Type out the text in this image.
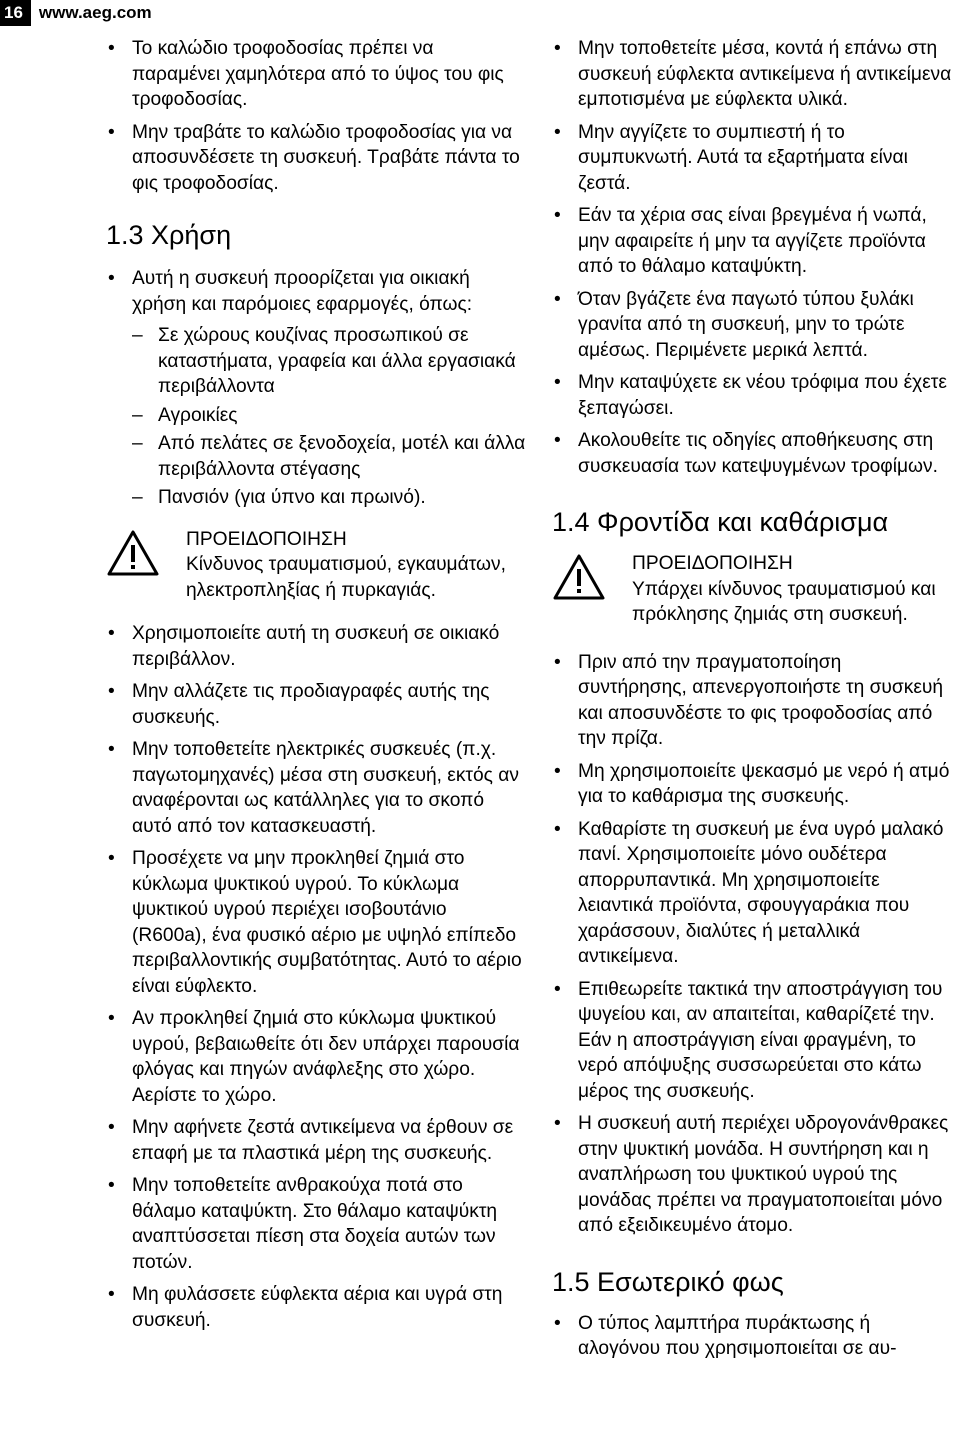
16 www.aeg.com
• Το καλώδιο τροφοδοσίας πρέπει να παραμένει χαμηλότερα από το ύψος του φις τροφοδοσίας.
• Μην τραβάτε το καλώδιο τροφοδοσίας για να αποσυνδέσετε τη συσκευή. Τραβάτε πάντα το φις τροφοδοσίας.
1.3 Χρήση
• Αυτή η συσκευή προορίζεται για οικιακή χρήση και παρόμοιες εφαρμογές, όπως:
– Σε χώρους κουζίνας προσωπικού σε καταστήματα, γραφεία και άλλα εργασιακά περιβάλλοντα
– Αγροικίες
– Από πελάτες σε ξενοδοχεία, μοτέλ και άλλα περιβάλλοντα στέγασης
– Πανσιόν (για ύπνο και πρωινό).
ΠΡΟΕΙΔΟΠΟΙΗΣΗ
Κίνδυνος τραυματισμού, εγκαυμάτων, ηλεκτροπληξίας ή πυρκαγιάς.
• Χρησιμοποιείτε αυτή τη συσκευή σε οικιακό περιβάλλον.
• Μην αλλάζετε τις προδιαγραφές αυτής της συσκευής.
• Μην τοποθετείτε ηλεκτρικές συσκευές (π.χ. παγωτομηχανές) μέσα στη συσκευή, εκτός αν αναφέρονται ως κατάλληλες για το σκοπό αυτό από τον κατασκευαστή.
• Προσέχετε να μην προκληθεί ζημιά στο κύκλωμα ψυκτικού υγρού. Το κύκλωμα ψυκτικού υγρού περιέχει ισοβουτάνιο (R600a), ένα φυσικό αέριο με υψηλό επίπεδο περιβαλλοντικής συμβατότητας. Αυτό το αέριο είναι εύφλεκτο.
• Αν προκληθεί ζημιά στο κύκλωμα ψυκτικού υγρού, βεβαιωθείτε ότι δεν υπάρχει παρουσία φλόγας και πηγών ανάφλεξης στο χώρο. Αερίστε το χώρο.
• Μην αφήνετε ζεστά αντικείμενα να έρθουν σε επαφή με τα πλαστικά μέρη της συσκευής.
• Μην τοποθετείτε ανθρακούχα ποτά στο θάλαμο καταψύκτη. Στο θάλαμο καταψύκτη αναπτύσσεται πίεση στα δοχεία αυτών των ποτών.
• Μη φυλάσσετε εύφλεκτα αέρια και υγρά στη συσκευή.
• Μην τοποθετείτε μέσα, κοντά ή επάνω στη συσκευή εύφλεκτα αντικείμενα ή αντικείμενα εμποτισμένα με εύφλεκτα υλικά.
• Μην αγγίζετε το συμπιεστή ή το συμπυκνωτή. Αυτά τα εξαρτήματα είναι ζεστά.
• Εάν τα χέρια σας είναι βρεγμένα ή νωπά, μην αφαιρείτε ή μην τα αγγίζετε προϊόντα από το θάλαμο καταψύκτη.
• Όταν βγάζετε ένα παγωτό τύπου ξυλάκι γρανίτα από τη συσκευή, μην το τρώτε αμέσως. Περιμένετε μερικά λεπτά.
• Μην καταψύχετε εκ νέου τρόφιμα που έχετε ξεπαγώσει.
• Ακολουθείτε τις οδηγίες αποθήκευσης στη συσκευασία των κατεψυγμένων τροφίμων.
1.4 Φροντίδα και καθάρισμα
ΠΡΟΕΙΔΟΠΟΙΗΣΗ
Υπάρχει κίνδυνος τραυματισμού και πρόκλησης ζημιάς στη συσκευή.
• Πριν από την πραγματοποίηση συντήρησης, απενεργοποιήστε τη συσκευή και αποσυνδέστε το φις τροφοδοσίας από την πρίζα.
• Μη χρησιμοποιείτε ψεκασμό με νερό ή ατμό για το καθάρισμα της συσκευής.
• Καθαρίστε τη συσκευή με ένα υγρό μαλακό πανί. Χρησιμοποιείτε μόνο ουδέτερα απορρυπαντικά. Μη χρησιμοποιείτε λειαντικά προϊόντα, σφουγγαράκια που χαράσσουν, διαλύτες ή μεταλλικά αντικείμενα.
• Επιθεωρείτε τακτικά την αποστράγγιση του ψυγείου και, αν απαιτείται, καθαρίζετέ την. Εάν η αποστράγγιση είναι φραγμένη, το νερό απόψυξης συσσωρεύεται στο κάτω μέρος της συσκευής.
• Η συσκευή αυτή περιέχει υδρογονάνθρακες στην ψυκτική μονάδα. Η συντήρηση και η αναπλήρωση του ψυκτικού υγρού της μονάδας πρέπει να πραγματοποιείται μόνο από εξειδικευμένο άτομο.
1.5 Εσωτερικό φως
• Ο τύπος λαμπτήρα πυράκτωσης ή αλογόνου που χρησιμοποιείται σε αυ-
